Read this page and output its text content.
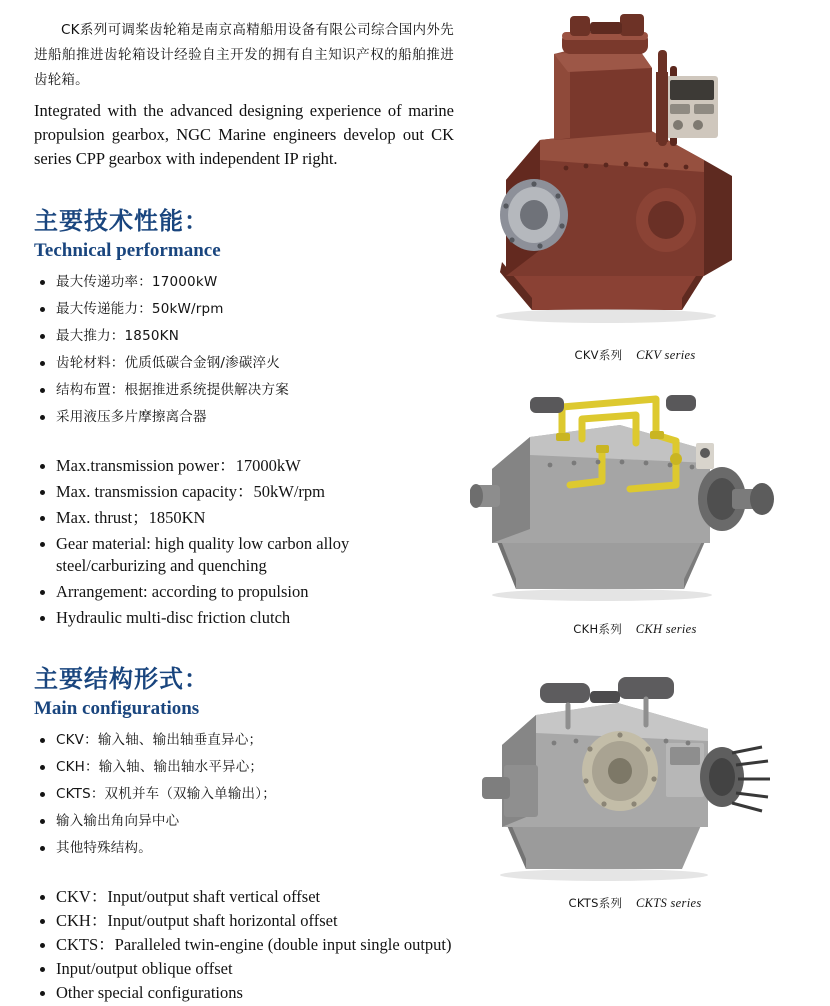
CK系列可调桨齿轮箱是南京高精船用设备有限公司综合国内外先进船舶推进齿轮箱设计经验自主开发的拥有自主知识产权的船舶推进齿轮箱。

Integrated with the advanced designing experience of marine propulsion gearbox, NGC Marine engineers develop out CK series CPP gearbox with independent IP right.

主要技术性能：
Technical performance
最大传递功率：17000kW
最大传递能力：50kW/rpm
最大推力：1850KN
齿轮材料：优质低碳合金钢/渗碳淬火
结构布置：根据推进系统提供解决方案
采用液压多片摩擦离合器
Max.transmission power：17000kW
Max. transmission capacity：50kW/rpm
Max. thrust；1850KN
Gear material: high quality low carbon alloy steel/carburizing and quenching
Arrangement: according to propulsion
Hydraulic multi-disc friction clutch
主要结构形式：
Main configurations
CKV：输入轴、输出轴垂直异心；
CKH：输入轴、输出轴水平异心；
CKTS：双机并车（双输入单输出）；
输入输出角向异中心
其他特殊结构。
CKV：Input/output shaft vertical offset
CKH：Input/output shaft horizontal offset
CKTS：Paralleled twin-engine (double input single output)
Input/output oblique offset
Other special configurations
CKV系列 CKV series
CKH系列 CKH series
CKTS系列 CKTS series
